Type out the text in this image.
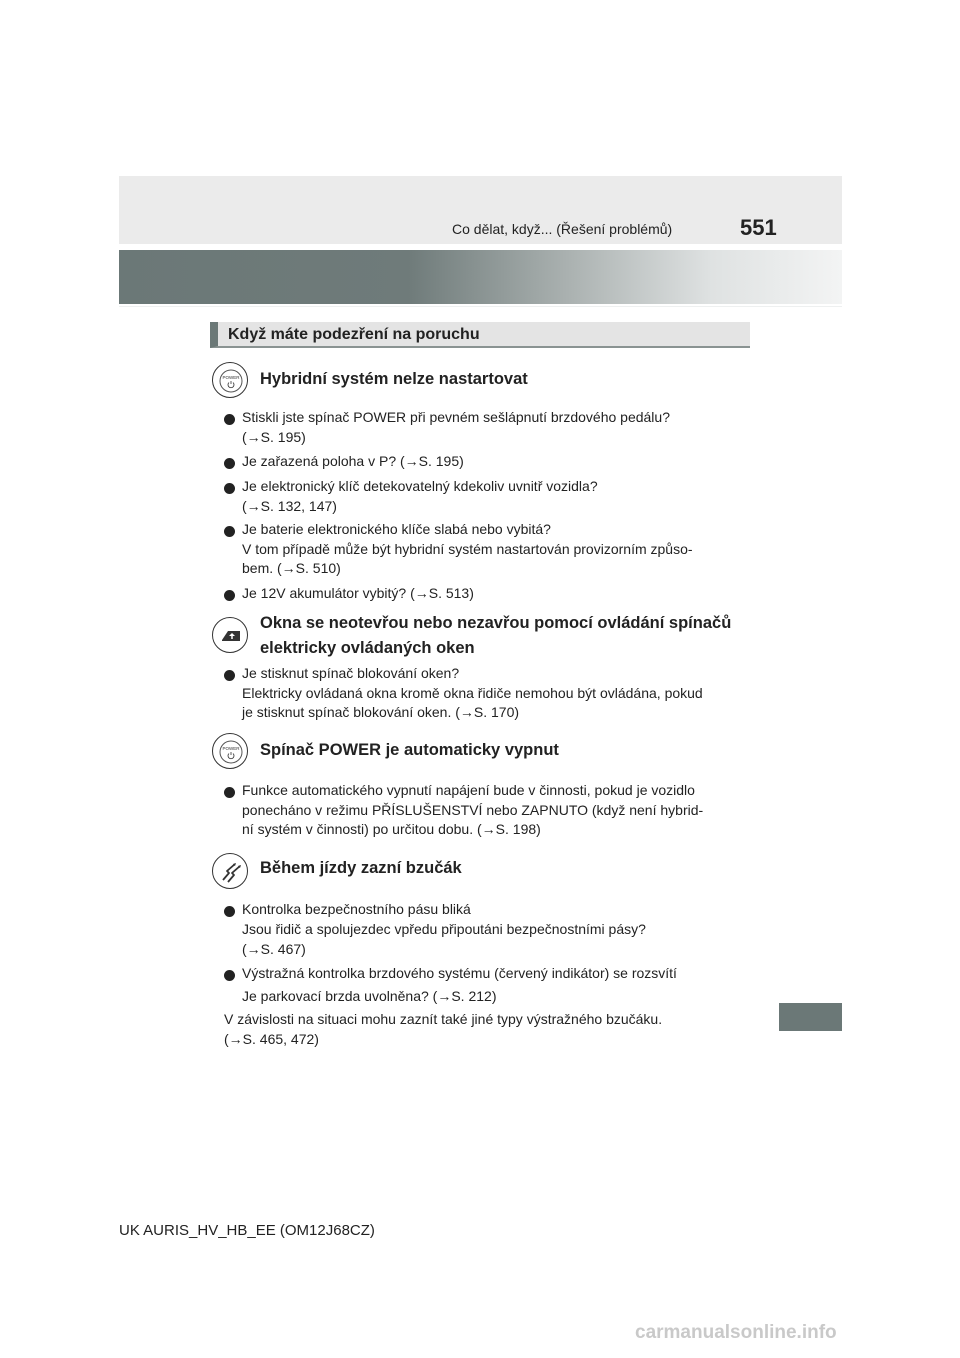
Co dělat, když... (Řešení problémů)	551
Když máte podezření na poruchu
POWER Hybridní systém nelze nastartovat
Stiskli jste spínač POWER při pevném sešlápnutí brzdového pedálu?
(→S. 195)
Je zařazená poloha v P? (→S. 195)
Je elektronický klíč detekovatelný kdekoliv uvnitř vozidla?
(→S. 132, 147)
Je baterie elektronického klíče slabá nebo vybitá?
V tom případě může být hybridní systém nastartován provizorním způso-
bem. (→S. 510)
Je 12V akumulátor vybitý? (→S. 513)
Okna se neotevřou nebo nezavřou pomocí ovládání spínačů
elektricky ovládaných oken
Je stisknut spínač blokování oken?
Elektricky ovládaná okna kromě okna řidiče nemohou být ovládána, pokud
je stisknut spínač blokování oken. (→S. 170)
POWER Spínač POWER je automaticky vypnut
Funkce automatického vypnutí napájení bude v činnosti, pokud je vozidlo
ponecháno v režimu PŘÍSLUŠENSTVÍ nebo ZAPNUTO (když není hybrid-
ní systém v činnosti) po určitou dobu. (→S. 198)
Během jízdy zazní bzučák
Kontrolka bezpečnostního pásu bliká
Jsou řidič a spolujezdec vpředu připoutáni bezpečnostními pásy?
(→S. 467)
Výstražná kontrolka brzdového systému (červený indikátor) se rozsvítí
Je parkovací brzda uvolněna? (→S. 212)
V závislosti na situaci mohu zaznít také jiné typy výstražného bzučáku.
(→S. 465, 472)
UK AURIS_HV_HB_EE (OM12J68CZ)
carmanualsonline.info
